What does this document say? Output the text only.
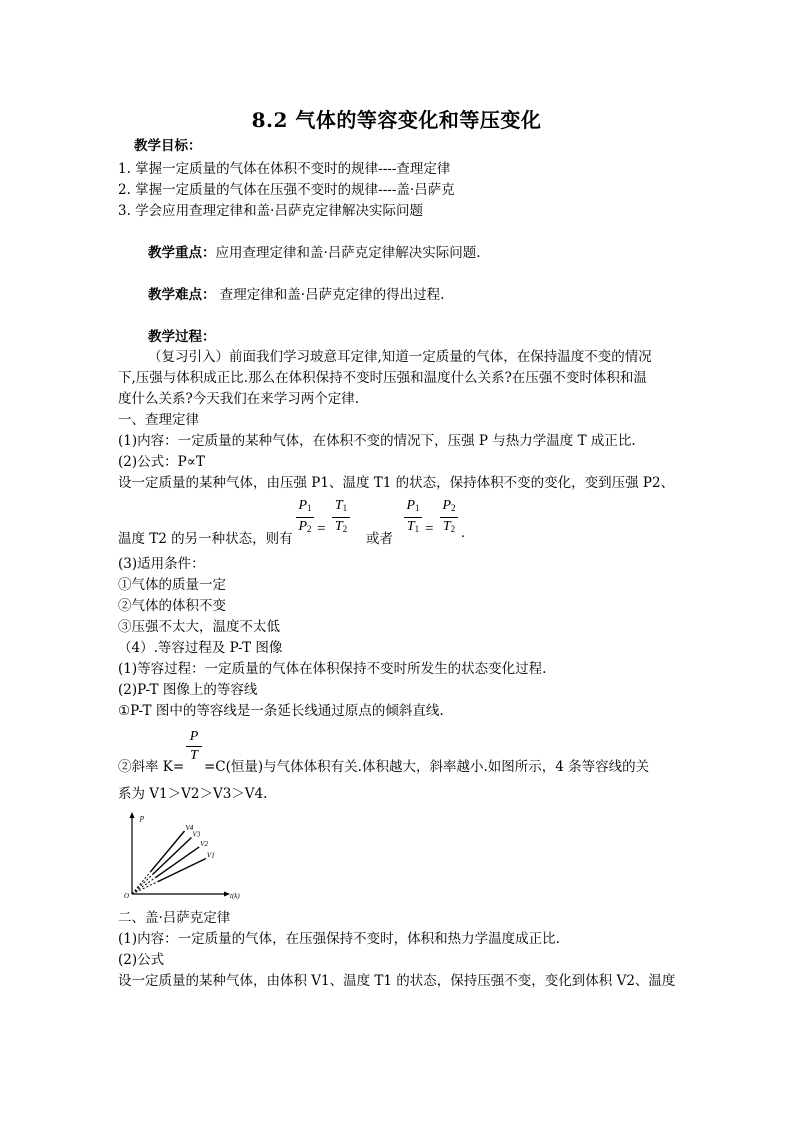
8.2 气体的等容变化和等压变化
教学目标：
1. 掌握一定质量的气体在体积不变时的规律----查理定律
2. 掌握一定质量的气体在压强不变时的规律----盖·吕萨克
3. 学会应用查理定律和盖·吕萨克定律解决实际问题
教学重点：应用查理定律和盖·吕萨克定律解决实际问题.
教学难点： 查理定律和盖·吕萨克定律的得出过程.
教学过程：
（复习引入）前面我们学习玻意耳定律,知道一定质量的气体，在保持温度不变的情况
下,压强与体积成正比.那么在体积保持不变时压强和温度什么关系?在压强不变时体积和温
度什么关系?今天我们在来学习两个定律.
一、查理定律
(1)内容：一定质量的某种气体，在体积不变的情况下，压强 P 与热力学温度 T 成正比.
(2)公式：P∝T
设一定质量的某种气体，由压强 P1、温度 T1 的状态，保持体积不变的变化，变到压强 P2、
温度 T2 的另一种状态，则有
$P_1$
$P_2$ =
$T_1$
$T_2$
或者
$P_1$
$T_1$ =
$P_2$
$T_2$ .
(3)适用条件：
①气体的质量一定
②气体的体积不变
③压强不太大，温度不太低
（4）.等容过程及 P-T 图像
(1)等容过程：一定质量的气体在体积保持不变时所发生的状态变化过程.
(2)P-T 图像上的等容线
①P-T 图中的等容线是一条延长线通过原点的倾斜直线.
②斜率 K=
P
T
=C(恒量)与气体体积有关.体积越大，斜率越小.如图所示，4 条等容线的关
系为 V1＞V2＞V3＞V4.
V4
V3
V2
V1
p
t(k)
O
二、盖·吕萨克定律
(1)内容：一定质量的气体，在压强保持不变时，体积和热力学温度成正比.
(2)公式
设一定质量的某种气体，由体积 V1、温度 T1 的状态，保持压强不变，变化到体积 V2、温度
